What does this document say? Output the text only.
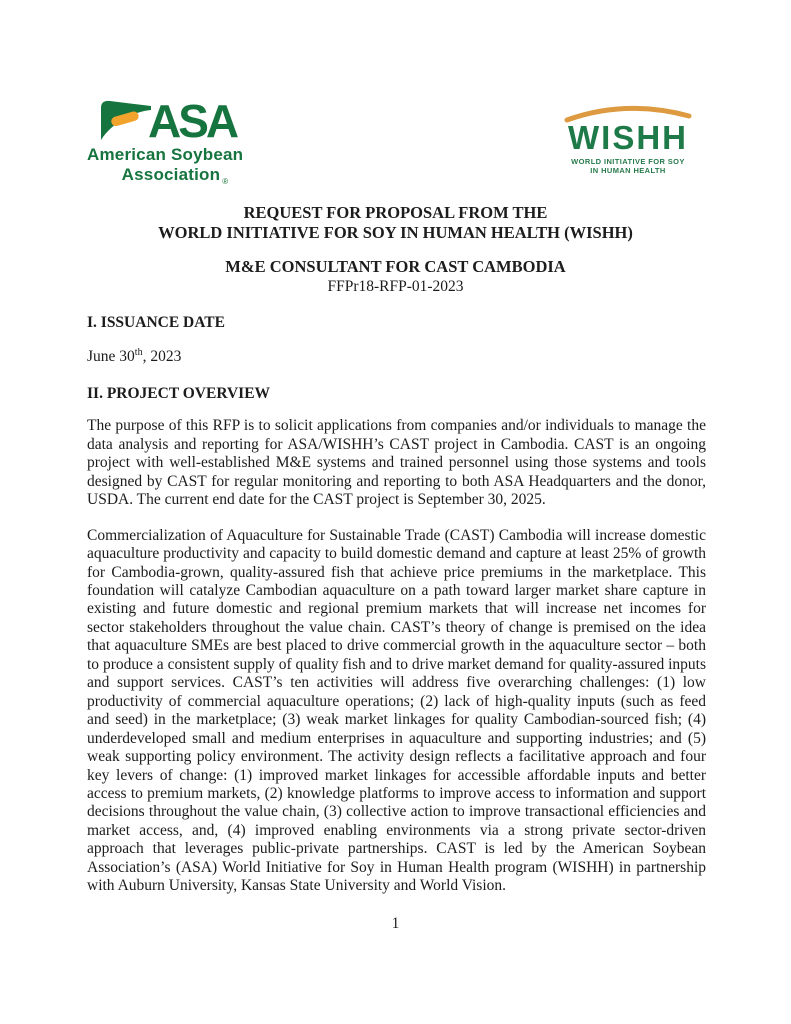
ASA
American Soybean
Association $_®$
WISHH
WORLD INITIATIVE FOR SOY
IN HUMAN HEALTH
REQUEST FOR PROPOSAL FROM THE
WORLD INITIATIVE FOR SOY IN HUMAN HEALTH (WISHH)
M&E CONSULTANT FOR CAST CAMBODIA
FFPr18-RFP-01-2023
I. ISSUANCE DATE

June 30th, 2023

II. PROJECT OVERVIEW

The purpose of this RFP is to solicit applications from companies and/or individuals to manage the data analysis and reporting for ASA/WISHH’s CAST project in Cambodia. CAST is an ongoing project with well-established M&E systems and trained personnel using those systems and tools designed by CAST for regular monitoring and reporting to both ASA Headquarters and the donor, USDA. The current end date for the CAST project is September 30, 2025.

Commercialization of Aquaculture for Sustainable Trade (CAST) Cambodia will increase domestic aquaculture productivity and capacity to build domestic demand and capture at least 25% of growth for Cambodia-grown, quality-assured fish that achieve price premiums in the marketplace. This foundation will catalyze Cambodian aquaculture on a path toward larger market share capture in existing and future domestic and regional premium markets that will increase net incomes for sector stakeholders throughout the value chain. CAST’s theory of change is premised on the idea that aquaculture SMEs are best placed to drive commercial growth in the aquaculture sector – both to produce a consistent supply of quality fish and to drive market demand for quality-assured inputs and support services. CAST’s ten activities will address five overarching challenges: (1) low productivity of commercial aquaculture operations; (2) lack of high-quality inputs (such as feed and seed) in the marketplace; (3) weak market linkages for quality Cambodian-sourced fish; (4) underdeveloped small and medium enterprises in aquaculture and supporting industries; and (5) weak supporting policy environment. The activity design reflects a facilitative approach and four key levers of change: (1) improved market linkages for accessible affordable inputs and better access to premium markets, (2) knowledge platforms to improve access to information and support decisions throughout the value chain, (3) collective action to improve transactional efficiencies and market access, and, (4) improved enabling environments via a strong private sector-driven approach that leverages public-private partnerships. CAST is led by the American Soybean Association’s (ASA) World Initiative for Soy in Human Health program (WISHH) in partnership with Auburn University, Kansas State University and World Vision.

1
